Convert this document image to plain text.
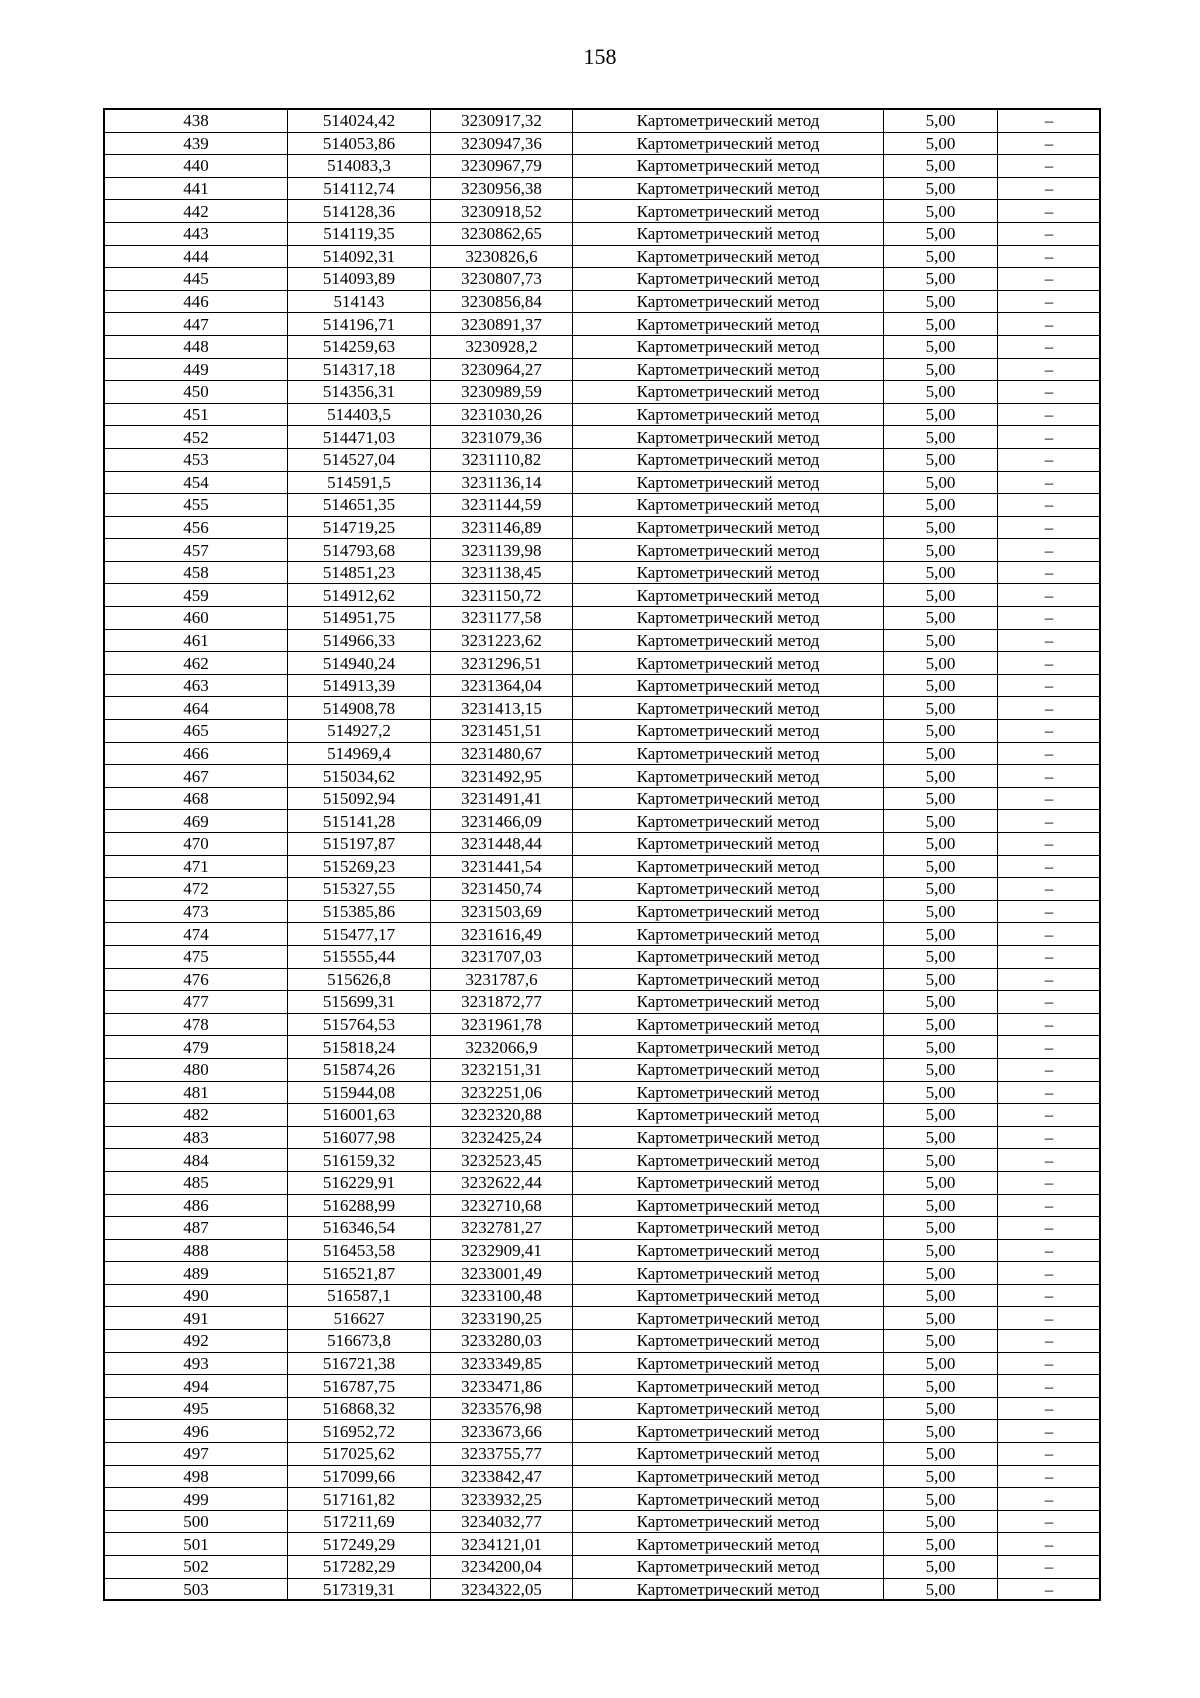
158
438	514024,42	3230917,32	Картометрический метод	5,00	–
439	514053,86	3230947,36	Картометрический метод	5,00	–
440	514083,3	3230967,79	Картометрический метод	5,00	–
441	514112,74	3230956,38	Картометрический метод	5,00	–
442	514128,36	3230918,52	Картометрический метод	5,00	–
443	514119,35	3230862,65	Картометрический метод	5,00	–
444	514092,31	3230826,6	Картометрический метод	5,00	–
445	514093,89	3230807,73	Картометрический метод	5,00	–
446	514143	3230856,84	Картометрический метод	5,00	–
447	514196,71	3230891,37	Картометрический метод	5,00	–
448	514259,63	3230928,2	Картометрический метод	5,00	–
449	514317,18	3230964,27	Картометрический метод	5,00	–
450	514356,31	3230989,59	Картометрический метод	5,00	–
451	514403,5	3231030,26	Картометрический метод	5,00	–
452	514471,03	3231079,36	Картометрический метод	5,00	–
453	514527,04	3231110,82	Картометрический метод	5,00	–
454	514591,5	3231136,14	Картометрический метод	5,00	–
455	514651,35	3231144,59	Картометрический метод	5,00	–
456	514719,25	3231146,89	Картометрический метод	5,00	–
457	514793,68	3231139,98	Картометрический метод	5,00	–
458	514851,23	3231138,45	Картометрический метод	5,00	–
459	514912,62	3231150,72	Картометрический метод	5,00	–
460	514951,75	3231177,58	Картометрический метод	5,00	–
461	514966,33	3231223,62	Картометрический метод	5,00	–
462	514940,24	3231296,51	Картометрический метод	5,00	–
463	514913,39	3231364,04	Картометрический метод	5,00	–
464	514908,78	3231413,15	Картометрический метод	5,00	–
465	514927,2	3231451,51	Картометрический метод	5,00	–
466	514969,4	3231480,67	Картометрический метод	5,00	–
467	515034,62	3231492,95	Картометрический метод	5,00	–
468	515092,94	3231491,41	Картометрический метод	5,00	–
469	515141,28	3231466,09	Картометрический метод	5,00	–
470	515197,87	3231448,44	Картометрический метод	5,00	–
471	515269,23	3231441,54	Картометрический метод	5,00	–
472	515327,55	3231450,74	Картометрический метод	5,00	–
473	515385,86	3231503,69	Картометрический метод	5,00	–
474	515477,17	3231616,49	Картометрический метод	5,00	–
475	515555,44	3231707,03	Картометрический метод	5,00	–
476	515626,8	3231787,6	Картометрический метод	5,00	–
477	515699,31	3231872,77	Картометрический метод	5,00	–
478	515764,53	3231961,78	Картометрический метод	5,00	–
479	515818,24	3232066,9	Картометрический метод	5,00	–
480	515874,26	3232151,31	Картометрический метод	5,00	–
481	515944,08	3232251,06	Картометрический метод	5,00	–
482	516001,63	3232320,88	Картометрический метод	5,00	–
483	516077,98	3232425,24	Картометрический метод	5,00	–
484	516159,32	3232523,45	Картометрический метод	5,00	–
485	516229,91	3232622,44	Картометрический метод	5,00	–
486	516288,99	3232710,68	Картометрический метод	5,00	–
487	516346,54	3232781,27	Картометрический метод	5,00	–
488	516453,58	3232909,41	Картометрический метод	5,00	–
489	516521,87	3233001,49	Картометрический метод	5,00	–
490	516587,1	3233100,48	Картометрический метод	5,00	–
491	516627	3233190,25	Картометрический метод	5,00	–
492	516673,8	3233280,03	Картометрический метод	5,00	–
493	516721,38	3233349,85	Картометрический метод	5,00	–
494	516787,75	3233471,86	Картометрический метод	5,00	–
495	516868,32	3233576,98	Картометрический метод	5,00	–
496	516952,72	3233673,66	Картометрический метод	5,00	–
497	517025,62	3233755,77	Картометрический метод	5,00	–
498	517099,66	3233842,47	Картометрический метод	5,00	–
499	517161,82	3233932,25	Картометрический метод	5,00	–
500	517211,69	3234032,77	Картометрический метод	5,00	–
501	517249,29	3234121,01	Картометрический метод	5,00	–
502	517282,29	3234200,04	Картометрический метод	5,00	–
503	517319,31	3234322,05	Картометрический метод	5,00	–
